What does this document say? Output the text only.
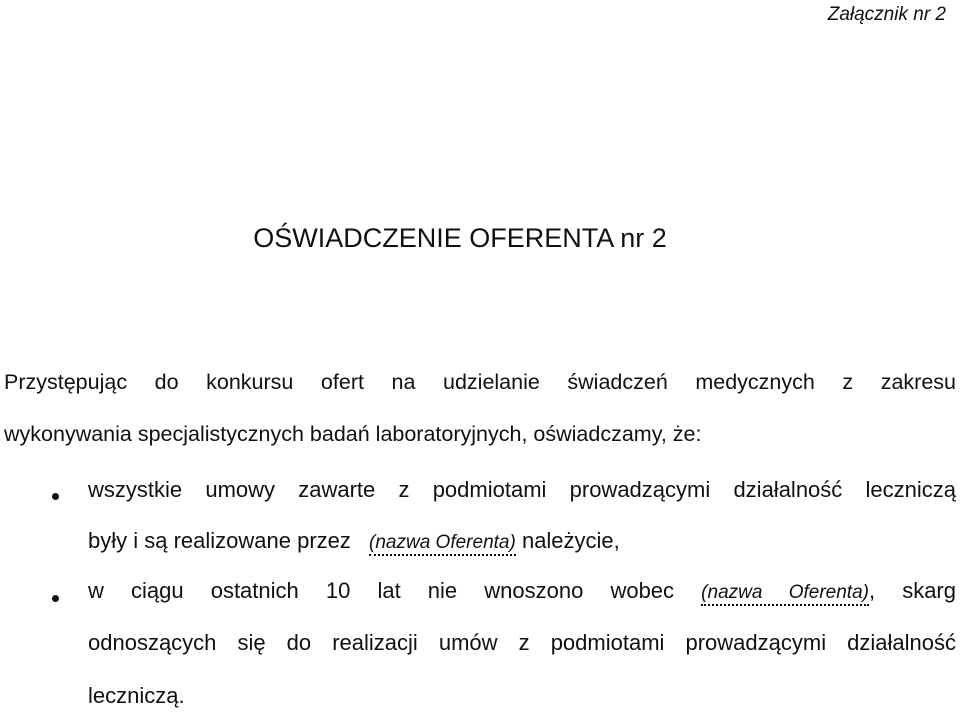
Załącznik nr 2
OŚWIADCZENIE OFERENTA nr 2
Przystępując do konkursu ofert na udzielanie świadczeń medycznych z zakresu
wykonywania specjalistycznych badań laboratoryjnych, oświadczamy, że:
wszystkie umowy zawarte z podmiotami prowadzącymi działalność leczniczą
były i są realizowane przez (nazwa Oferenta) należycie,
w ciągu ostatnich 10 lat nie wnoszono wobec (nazwa Oferenta), skarg
odnoszących się do realizacji umów z podmiotami prowadzącymi działalność
leczniczą.
